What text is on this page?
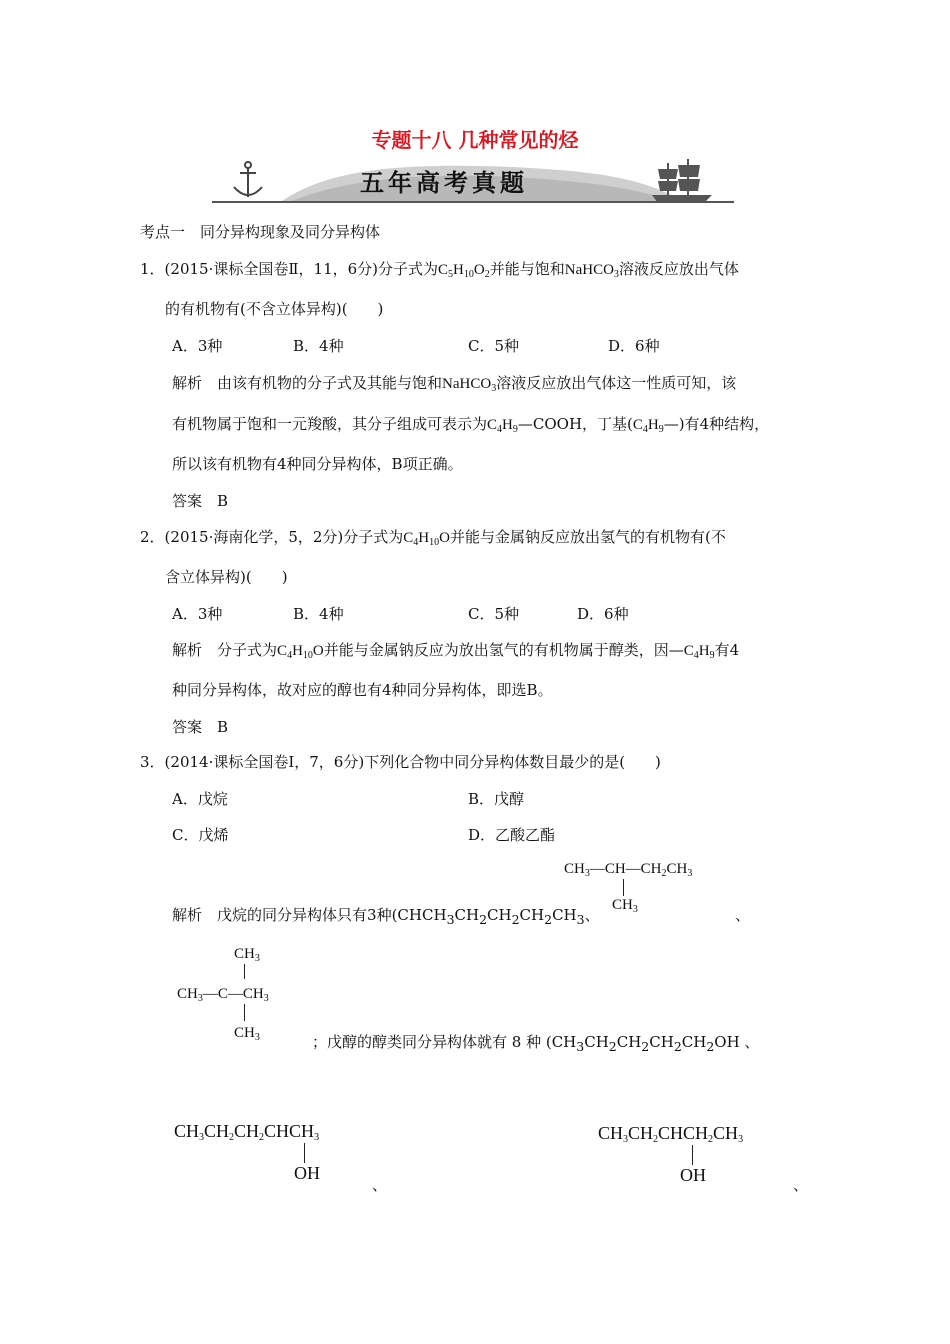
专题十八 几种常见的烃
五年高考真题
考点一　同分异构现象及同分异构体
1．(2015·课标全国卷Ⅱ，11，6分)分子式为$C_5H_{10}O_2$并能与饱和NaHCO$_3$溶液反应放出气体
的有机物有(不含立体异构)(　　)
A．3种	B．4种	C．5种	D．6种
解析　 由该有机物的分子式及其能与饱和NaHCO$_3$溶液反应放出气体这一性质可知，该
有机物属于饱和一元羧酸，其分子组成可表示为$C_4H_9—COOH$，丁基$(C_4H_9—)$有4种结构，
所以该有机物有4种同分异构体，B项正确。
答案　 B
2．(2015·海南化学，5，2分)分子式为$C_4H_{10}O$并能与金属钠反应放出氢气的有机物有(不
含立体异构)(　　)
A．3种	B．4种	C．5种	D．6种
解析　 分子式为$C_4H_{10}O$并能与金属钠反应为放出氢气的有机物属于醇类，因$—C_4H_9$有4
种同分异构体，故对应的醇也有4种同分异构体，即选B。
答案　 B
3．(2014·课标全国卷Ⅰ，7，6分)下列化合物中同分异构体数目最少的是(　　)
A．戊烷	B．戊醇
C．戊烯	D．乙酸乙酯
$CH_3—CH—CH_2CH_3$
$CH_3$
解析　 戊烷的同分异构体只有3种($CHCH_3CH_2CH_2CH_2CH_3$、	、
$CH_3$
$CH_3—C—CH_3$
$CH_3$	；戊醇的醇类同分异构体就有 8 种 ($CH_3CH_2CH_2CH_2CH_2OH$ 、
$CH_3CH_2CH_2CHCH_3$
OH
、
$CH_3CH_2CHCH_2CH_3$
OH	、
